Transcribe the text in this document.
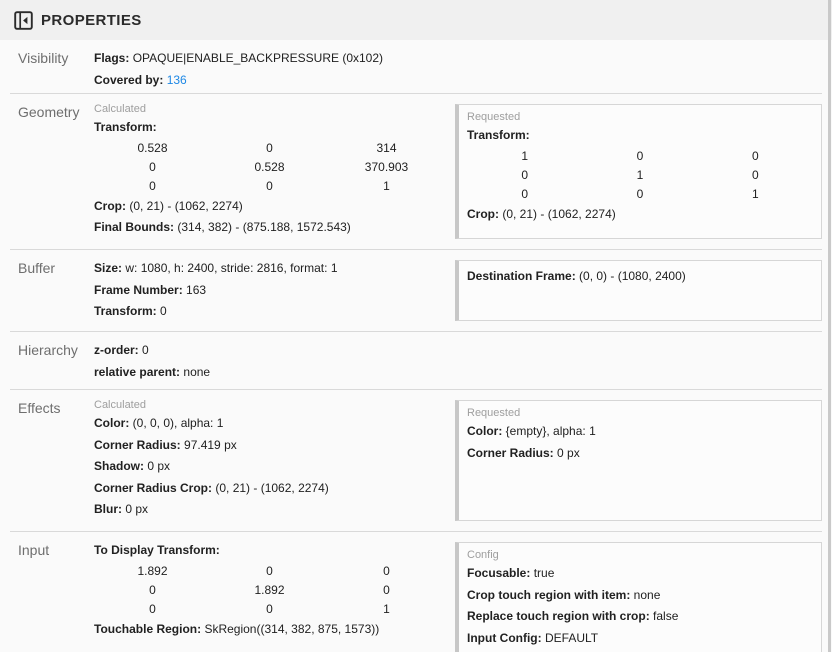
PROPERTIES
Visibility	Flags: OPAQUE|ENABLE_BACKPRESSURE (0x102)
Covered by: 136
Geometry	Calculated
Transform:
0.528	0	314
0	0.528	370.903
0	0	1
Crop: (0, 21) - (1062, 2274)
Final Bounds: (314, 382) - (875.188, 1572.543)
Requested
Transform:
1	0	0
0	1	0
0	0	1
Crop: (0, 21) - (1062, 2274)
Buffer	Size: w: 1080, h: 2400, stride: 2816, format: 1
Frame Number: 163
Transform: 0
Destination Frame: (0, 0) - (1080, 2400)
Hierarchy	z-order: 0
relative parent: none
Effects	Calculated
Color: (0, 0, 0), alpha: 1
Corner Radius: 97.419 px
Shadow: 0 px
Corner Radius Crop: (0, 21) - (1062, 2274)
Blur: 0 px
Requested
Color: {empty}, alpha: 1
Corner Radius: 0 px
Input	To Display Transform:
1.892	0	0
0	1.892	0
0	0	1
Touchable Region: SkRegion((314, 382, 875, 1573))
Config
Focusable: true
Crop touch region with item: none
Replace touch region with crop: false
Input Config: DEFAULT
